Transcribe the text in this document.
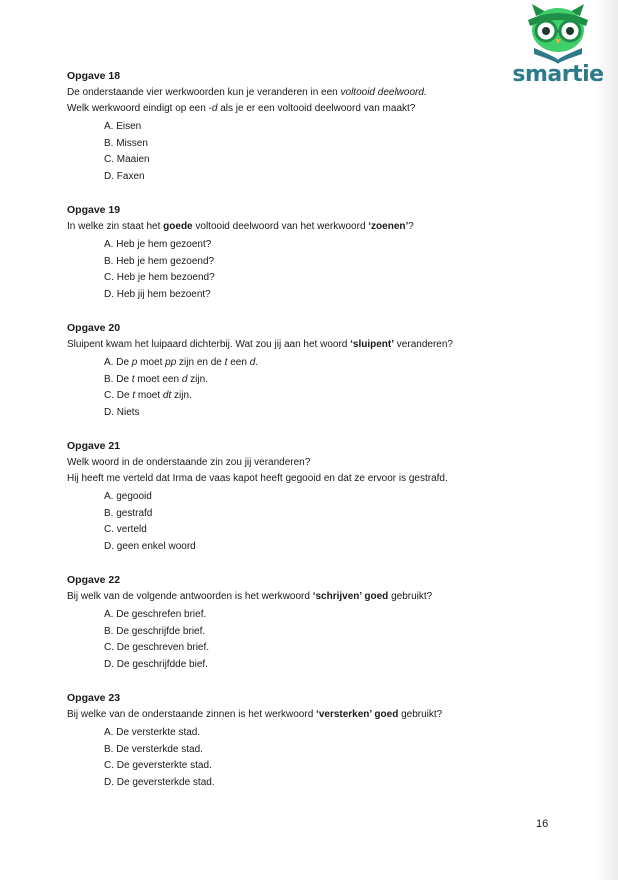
smartie
Opgave 18
De onderstaande vier werkwoorden kun je veranderen in een voltooid deelwoord.
Welk werkwoord eindigt op een -d als je er een voltooid deelwoord van maakt?
A. Eisen
B. Missen
C. Maaien
D. Faxen
Opgave 19
In welke zin staat het goede voltooid deelwoord van het werkwoord ‘zoenen’?
A. Heb je hem gezoent?
B. Heb je hem gezoend?
C. Heb je hem bezoend?
D. Heb jij hem bezoent?
Opgave 20
Sluipent kwam het luipaard dichterbij. Wat zou jij aan het woord ‘sluipent’ veranderen?
A. De p moet pp zijn en de t een d.
B. De t moet een d zijn.
C. De t moet dt zijn.
D. Niets
Opgave 21
Welk woord in de onderstaande zin zou jij veranderen?
Hij heeft me verteld dat Irma de vaas kapot heeft gegooid en dat ze ervoor is gestrafd.
A. gegooid
B. gestrafd
C. verteld
D. geen enkel woord
Opgave 22
Bij welk van de volgende antwoorden is het werkwoord ‘schrijven’ goed gebruikt?
A. De geschrefen brief.
B. De geschrijfde brief.
C. De geschreven brief.
D. De geschrijfdde bief.
Opgave 23
Bij welke van de onderstaande zinnen is het werkwoord ‘versterken’ goed gebruikt?
A. De versterkte stad.
B. De versterkde stad.
C. De geversterkte stad.
D. De geversterkde stad.
16
